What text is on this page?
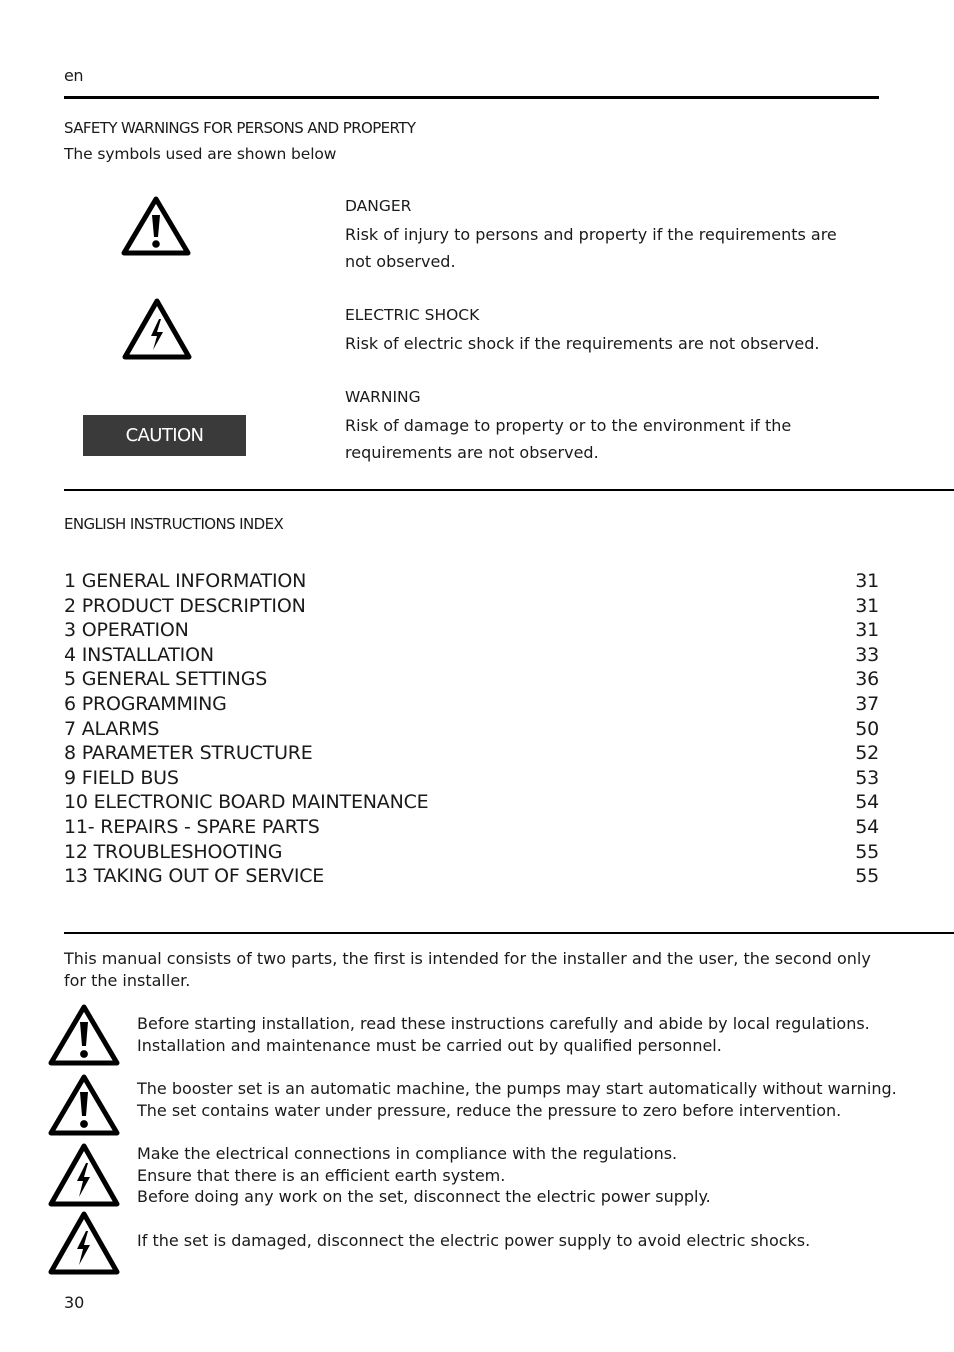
en
SAFETY WARNINGS FOR PERSONS AND PROPERTY
The symbols used are shown below
DANGER
Risk of injury to persons and property if the requirements are not observed.
ELECTRIC SHOCK
Risk of electric shock if the requirements are not observed.
CAUTION
WARNING
Risk of damage to property or to the environment if the requirements are not observed.
ENGLISH INSTRUCTIONS INDEX
1 GENERAL INFORMATION	31
2 PRODUCT DESCRIPTION	31
3 OPERATION	31
4 INSTALLATION	33
5 GENERAL SETTINGS	36
6 PROGRAMMING	37
7 ALARMS	50
8 PARAMETER STRUCTURE	52
9 FIELD BUS	53
10 ELECTRONIC BOARD MAINTENANCE	54
11- REPAIRS - SPARE PARTS	54
12 TROUBLESHOOTING	55
13 TAKING OUT OF SERVICE	55
This manual consists of two parts, the first is intended for the installer and the user, the second only for the installer.
Before starting installation, read these instructions carefully and abide by local regulations.
Installation and maintenance must be carried out by qualified personnel.
The booster set is an automatic machine, the pumps may start automatically without warning.
The set contains water under pressure, reduce the pressure to zero before intervention.
Make the electrical connections in compliance with the regulations.
Ensure that there is an efficient earth system.
Before doing any work on the set, disconnect the electric power supply.
If the set is damaged, disconnect the electric power supply to avoid electric shocks.
30
